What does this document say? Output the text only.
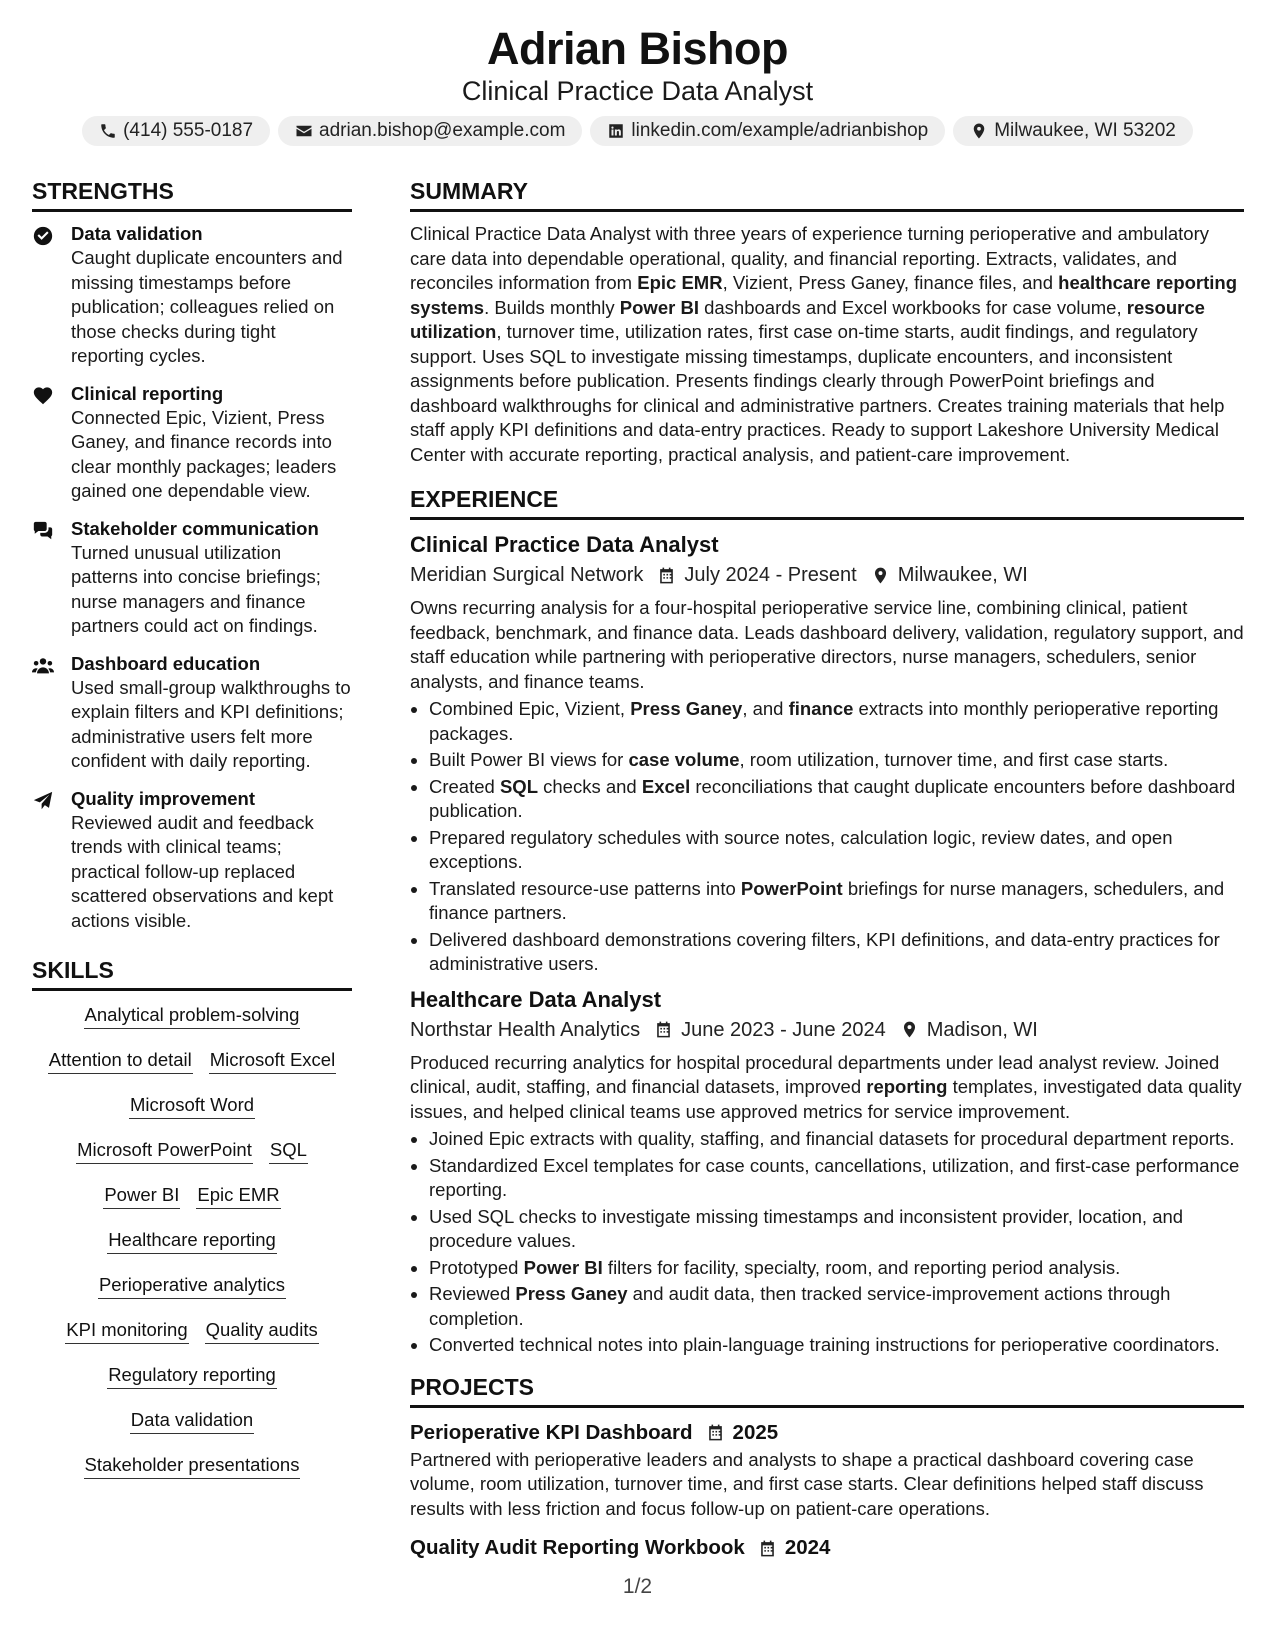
Adrian Bishop
Clinical Practice Data Analyst
(414) 555-0187	adrian.bishop@example.com	linkedin.com/example/adrianbishop	Milwaukee, WI 53202
STRENGTHS
Data validation
Caught duplicate encounters and missing timestamps before publication; colleagues relied on those checks during tight reporting cycles.
Clinical reporting
Connected Epic, Vizient, Press Ganey, and finance records into clear monthly packages; leaders gained one dependable view.
Stakeholder communication
Turned unusual utilization patterns into concise briefings; nurse managers and finance partners could act on findings.
Dashboard education
Used small-group walkthroughs to explain filters and KPI definitions; administrative users felt more confident with daily reporting.
Quality improvement
Reviewed audit and feedback trends with clinical teams; practical follow-up replaced scattered observations and kept actions visible.
SKILLS
Analytical problem-solving
Attention to detail Microsoft Excel
Microsoft Word
Microsoft PowerPoint SQL
Power BI Epic EMR
Healthcare reporting
Perioperative analytics
KPI monitoring Quality audits
Regulatory reporting
Data validation
Stakeholder presentations
SUMMARY

Clinical Practice Data Analyst with three years of experience turning perioperative and ambulatory care data into dependable operational, quality, and financial reporting. Extracts, validates, and reconciles information from Epic EMR, Vizient, Press Ganey, finance files, and healthcare reporting systems. Builds monthly Power BI dashboards and Excel workbooks for case volume, resource utilization, turnover time, utilization rates, first case on-time starts, audit findings, and regulatory support. Uses SQL to investigate missing timestamps, duplicate encounters, and inconsistent assignments before publication. Presents findings clearly through PowerPoint briefings and dashboard walkthroughs for clinical and administrative partners. Creates training materials that help staff apply KPI definitions and data-entry practices. Ready to support Lakeshore University Medical Center with accurate reporting, practical analysis, and patient-care improvement.

EXPERIENCE
Clinical Practice Data Analyst
Meridian Surgical Network July 2024 - Present Milwaukee, WI

Owns recurring analysis for a four-hospital perioperative service line, combining clinical, patient feedback, benchmark, and finance data. Leads dashboard delivery, validation, regulatory support, and staff education while partnering with perioperative directors, nurse managers, schedulers, senior analysts, and finance teams.

• Combined Epic, Vizient, Press Ganey, and finance extracts into monthly perioperative reporting packages.
• Built Power BI views for case volume, room utilization, turnover time, and first case starts.
• Created SQL checks and Excel reconciliations that caught duplicate encounters before dashboard publication.
• Prepared regulatory schedules with source notes, calculation logic, review dates, and open exceptions.
• Translated resource-use patterns into PowerPoint briefings for nurse managers, schedulers, and finance partners.
• Delivered dashboard demonstrations covering filters, KPI definitions, and data-entry practices for administrative users.
Healthcare Data Analyst
Northstar Health Analytics June 2023 - June 2024 Madison, WI

Produced recurring analytics for hospital procedural departments under lead analyst review. Joined clinical, audit, staffing, and financial datasets, improved reporting templates, investigated data quality issues, and helped clinical teams use approved metrics for service improvement.

• Joined Epic extracts with quality, staffing, and financial datasets for procedural department reports.
• Standardized Excel templates for case counts, cancellations, utilization, and first-case performance reporting.
• Used SQL checks to investigate missing timestamps and inconsistent provider, location, and procedure values.
• Prototyped Power BI filters for facility, specialty, room, and reporting period analysis.
• Reviewed Press Ganey and audit data, then tracked service-improvement actions through completion.
• Converted technical notes into plain-language training instructions for perioperative coordinators.
PROJECTS
Perioperative KPI Dashboard 2025

Partnered with perioperative leaders and analysts to shape a practical dashboard covering case volume, room utilization, turnover time, and first case starts. Clear definitions helped staff discuss results with less friction and focus follow-up on patient-care operations.

Quality Audit Reporting Workbook 2024
1/2
